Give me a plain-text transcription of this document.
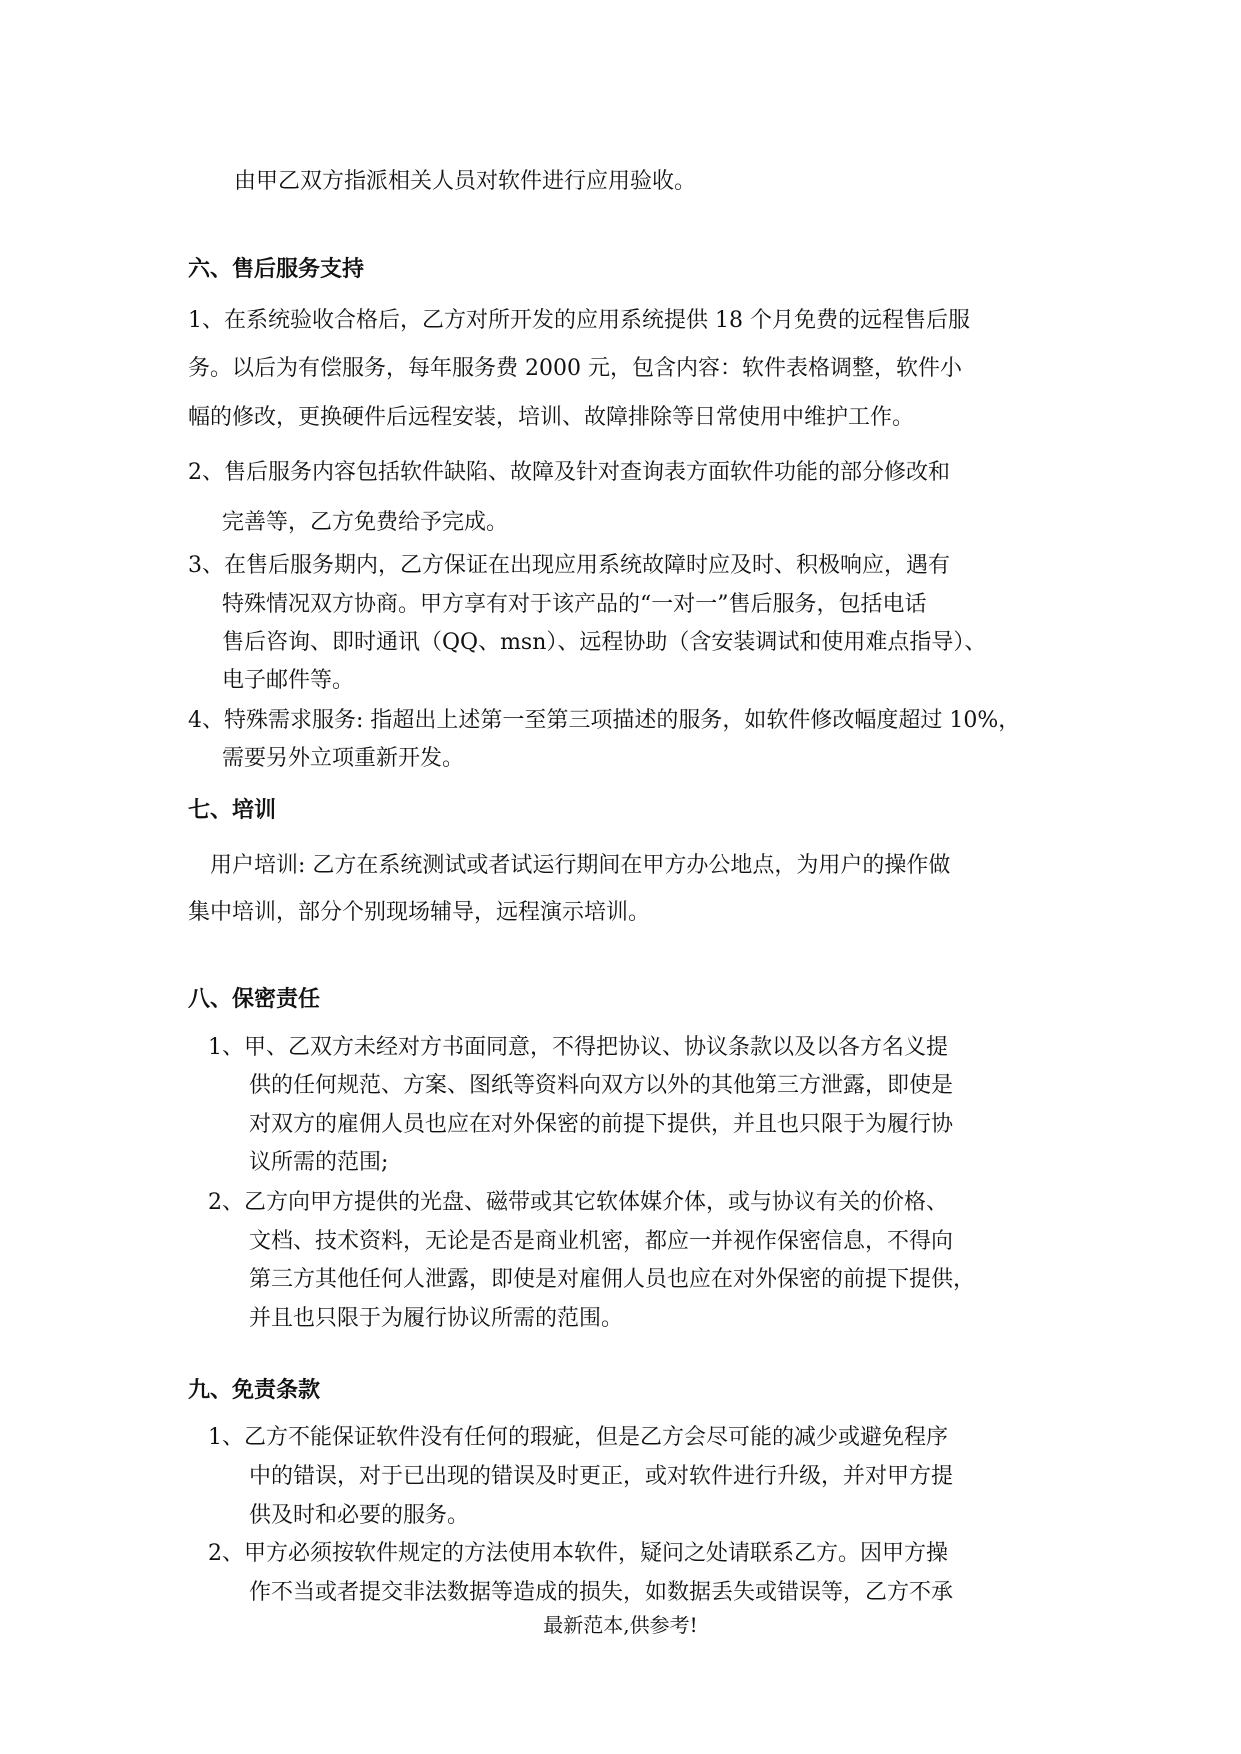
由甲乙双方指派相关人员对软件进行应用验收。
六、售后服务支持
1、在系统验收合格后，乙方对所开发的应用系统提供 18 个月免费的远程售后服
务。以后为有偿服务，每年服务费 2000 元，包含内容：软件表格调整，软件小
幅的修改，更换硬件后远程安装，培训、故障排除等日常使用中维护工作。
2、售后服务内容包括软件缺陷、故障及针对查询表方面软件功能的部分修改和
完善等，乙方免费给予完成。
3、在售后服务期内，乙方保证在出现应用系统故障时应及时、积极响应，遇有
特殊情况双方协商。甲方享有对于该产品的“一对一”售后服务，包括电话
售后咨询、即时通讯（QQ、msn）、远程协助（含安装调试和使用难点指导）、
电子邮件等。
4、特殊需求服务: 指超出上述第一至第三项描述的服务，如软件修改幅度超过 10%，
需要另外立项重新开发。
七、培训
用户培训: 乙方在系统测试或者试运行期间在甲方办公地点，为用户的操作做
集中培训，部分个别现场辅导，远程演示培训。
八、保密责任
1、甲、乙双方未经对方书面同意，不得把协议、协议条款以及以各方名义提
供的任何规范、方案、图纸等资料向双方以外的其他第三方泄露，即使是
对双方的雇佣人员也应在对外保密的前提下提供，并且也只限于为履行协
议所需的范围;
2、乙方向甲方提供的光盘、磁带或其它软体媒介体，或与协议有关的价格、
文档、技术资料，无论是否是商业机密，都应一并视作保密信息，不得向
第三方其他任何人泄露，即使是对雇佣人员也应在对外保密的前提下提供，
并且也只限于为履行协议所需的范围。
九、免责条款
1、乙方不能保证软件没有任何的瑕疵，但是乙方会尽可能的减少或避免程序
中的错误，对于已出现的错误及时更正，或对软件进行升级，并对甲方提
供及时和必要的服务。
2、甲方必须按软件规定的方法使用本软件，疑问之处请联系乙方。因甲方操
作不当或者提交非法数据等造成的损失，如数据丢失或错误等，乙方不承
最新范本,供参考!
